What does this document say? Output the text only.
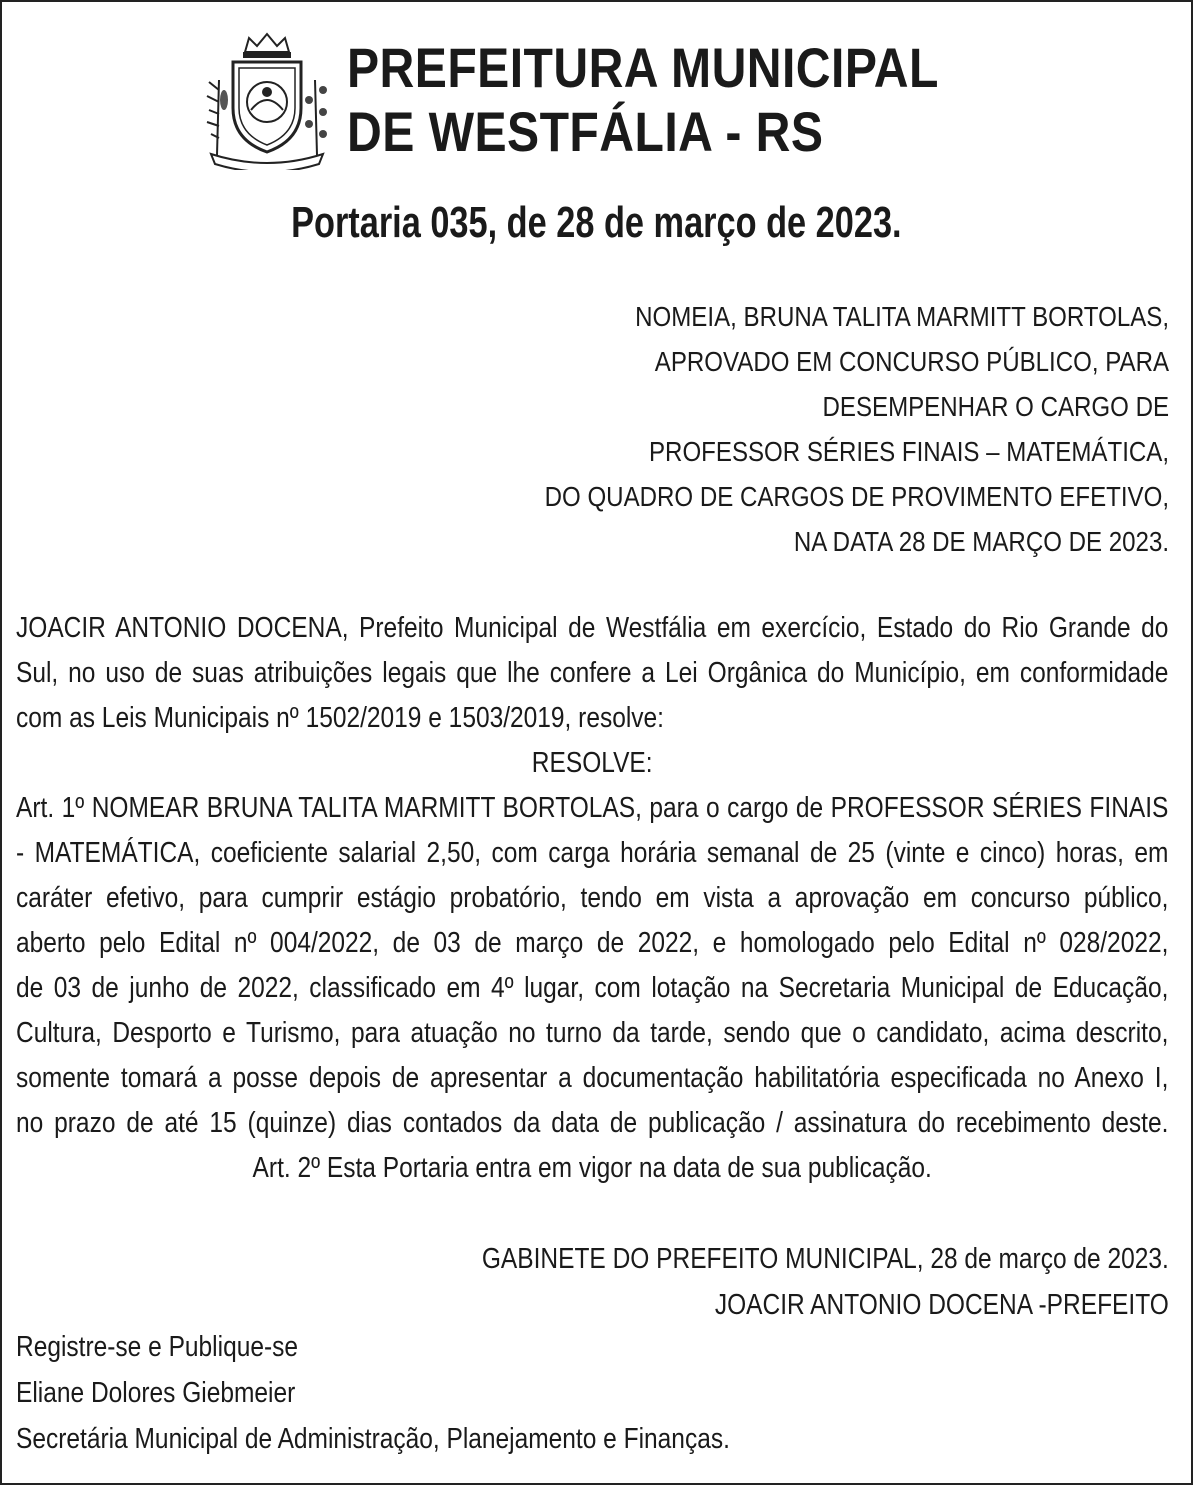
PREFEITURA MUNICIPAL
DE WESTFÁLIA - RS
Portaria 035, de 28 de março de 2023.
NOMEIA, BRUNA TALITA MARMITT BORTOLAS,
APROVADO EM CONCURSO PÚBLICO, PARA
DESEMPENHAR O CARGO DE
PROFESSOR SÉRIES FINAIS – MATEMÁTICA,
DO QUADRO DE CARGOS DE PROVIMENTO EFETIVO,
NA DATA 28 DE MARÇO DE 2023.
JOACIR ANTONIO DOCENA, Prefeito Municipal de Westfália em exercício, Estado do Rio Grande do
Sul, no uso de suas atribuições legais que lhe confere a Lei Orgânica do Município, em conformidade
com as Leis Municipais nº 1502/2019 e 1503/2019, resolve:

RESOLVE:

Art. 1º NOMEAR BRUNA TALITA MARMITT BORTOLAS, para o cargo de PROFESSOR SÉRIES FINAIS
- MATEMÁTICA, coeficiente salarial 2,50, com carga horária semanal de 25 (vinte e cinco) horas, em
caráter efetivo, para cumprir estágio probatório, tendo em vista a aprovação em concurso público,
aberto pelo Edital nº 004/2022, de 03 de março de 2022, e homologado pelo Edital nº 028/2022,
de 03 de junho de 2022, classificado em 4º lugar, com lotação na Secretaria Municipal de Educação,
Cultura, Desporto e Turismo, para atuação no turno da tarde, sendo que o candidato, acima descrito,
somente tomará a posse depois de apresentar a documentação habilitatória especificada no Anexo I,
no prazo de até 15 (quinze) dias contados da data de publicação / assinatura do recebimento deste.

Art. 2º Esta Portaria entra em vigor na data de sua publicação.

GABINETE DO PREFEITO MUNICIPAL, 28 de março de 2023.
JOACIR ANTONIO DOCENA -PREFEITO
Registre-se e Publique-se
Eliane Dolores Giebmeier
Secretária Municipal de Administração, Planejamento e Finanças.
